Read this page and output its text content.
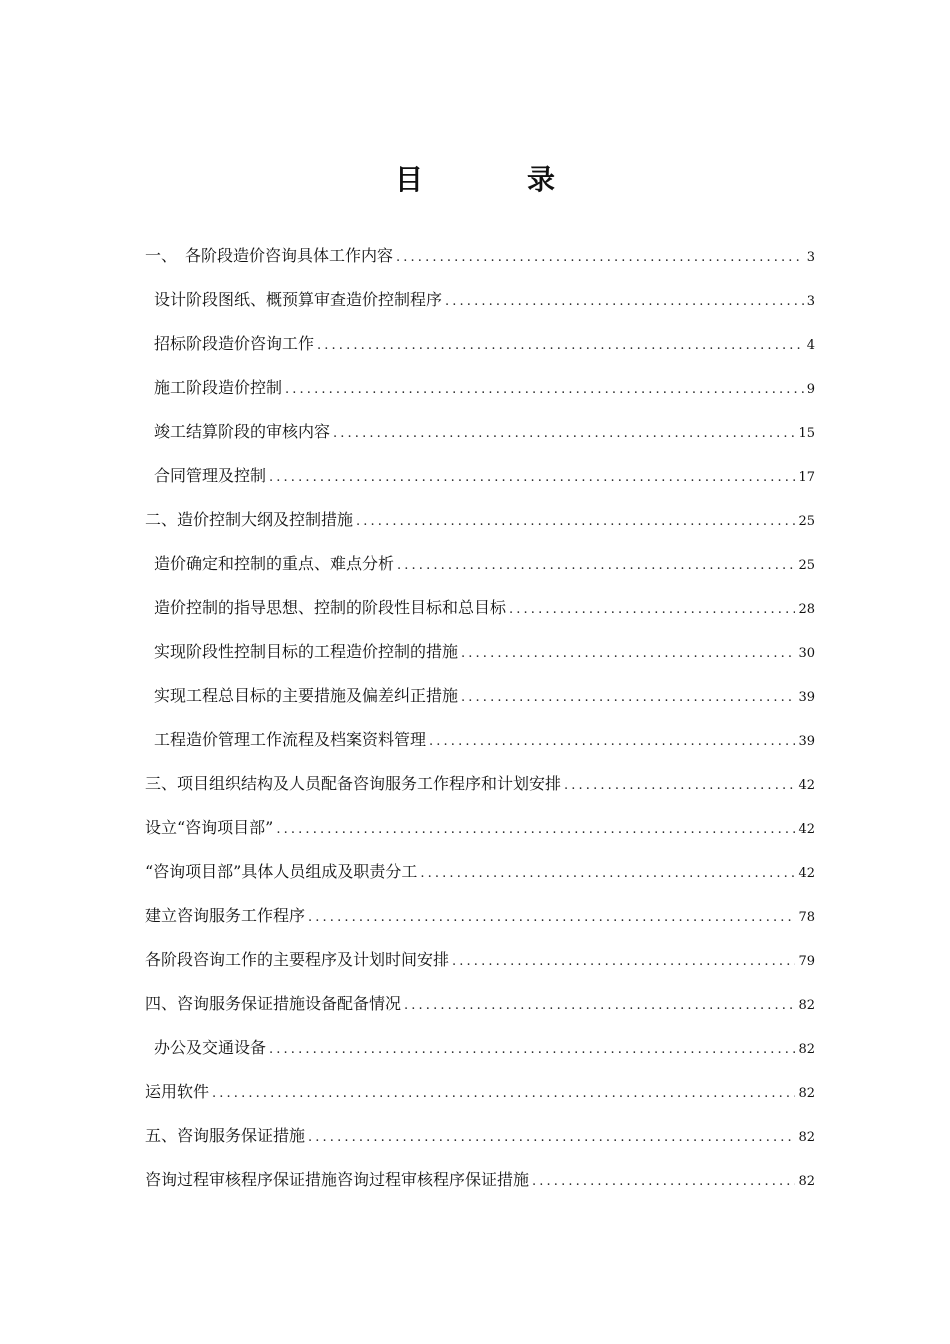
目　录
一、　各阶段造价咨询具体工作内容 . . .	3
设计阶段图纸、概预算审查造价控制程序 . . .	3
招标阶段造价咨询工作 . . .	4
施工阶段造价控制 . . .	9
竣工结算阶段的审核内容 . . .	15
合同管理及控制 . . .	17
二、造价控制大纲及控制措施 . . .	25
造价确定和控制的重点、难点分析 . . .	25
造价控制的指导思想、控制的阶段性目标和总目标 . . .	28
实现阶段性控制目标的工程造价控制的措施 . . .	30
实现工程总目标的主要措施及偏差纠正措施 . . .	39
工程造价管理工作流程及档案资料管理 . . .	39
三、项目组织结构及人员配备咨询服务工作程序和计划安排 . . .	42
设立“咨询项目部” . . .	42
“咨询项目部”具体人员组成及职责分工 . . .	42
建立咨询服务工作程序 . . .	78
各阶段咨询工作的主要程序及计划时间安排 . . .	79
四、咨询服务保证措施设备配备情况 . . .	82
办公及交通设备 . . .	82
运用软件 . . .	82
五、咨询服务保证措施 . . .	82
咨询过程审核程序保证措施咨询过程审核程序保证措施 . . .	82
